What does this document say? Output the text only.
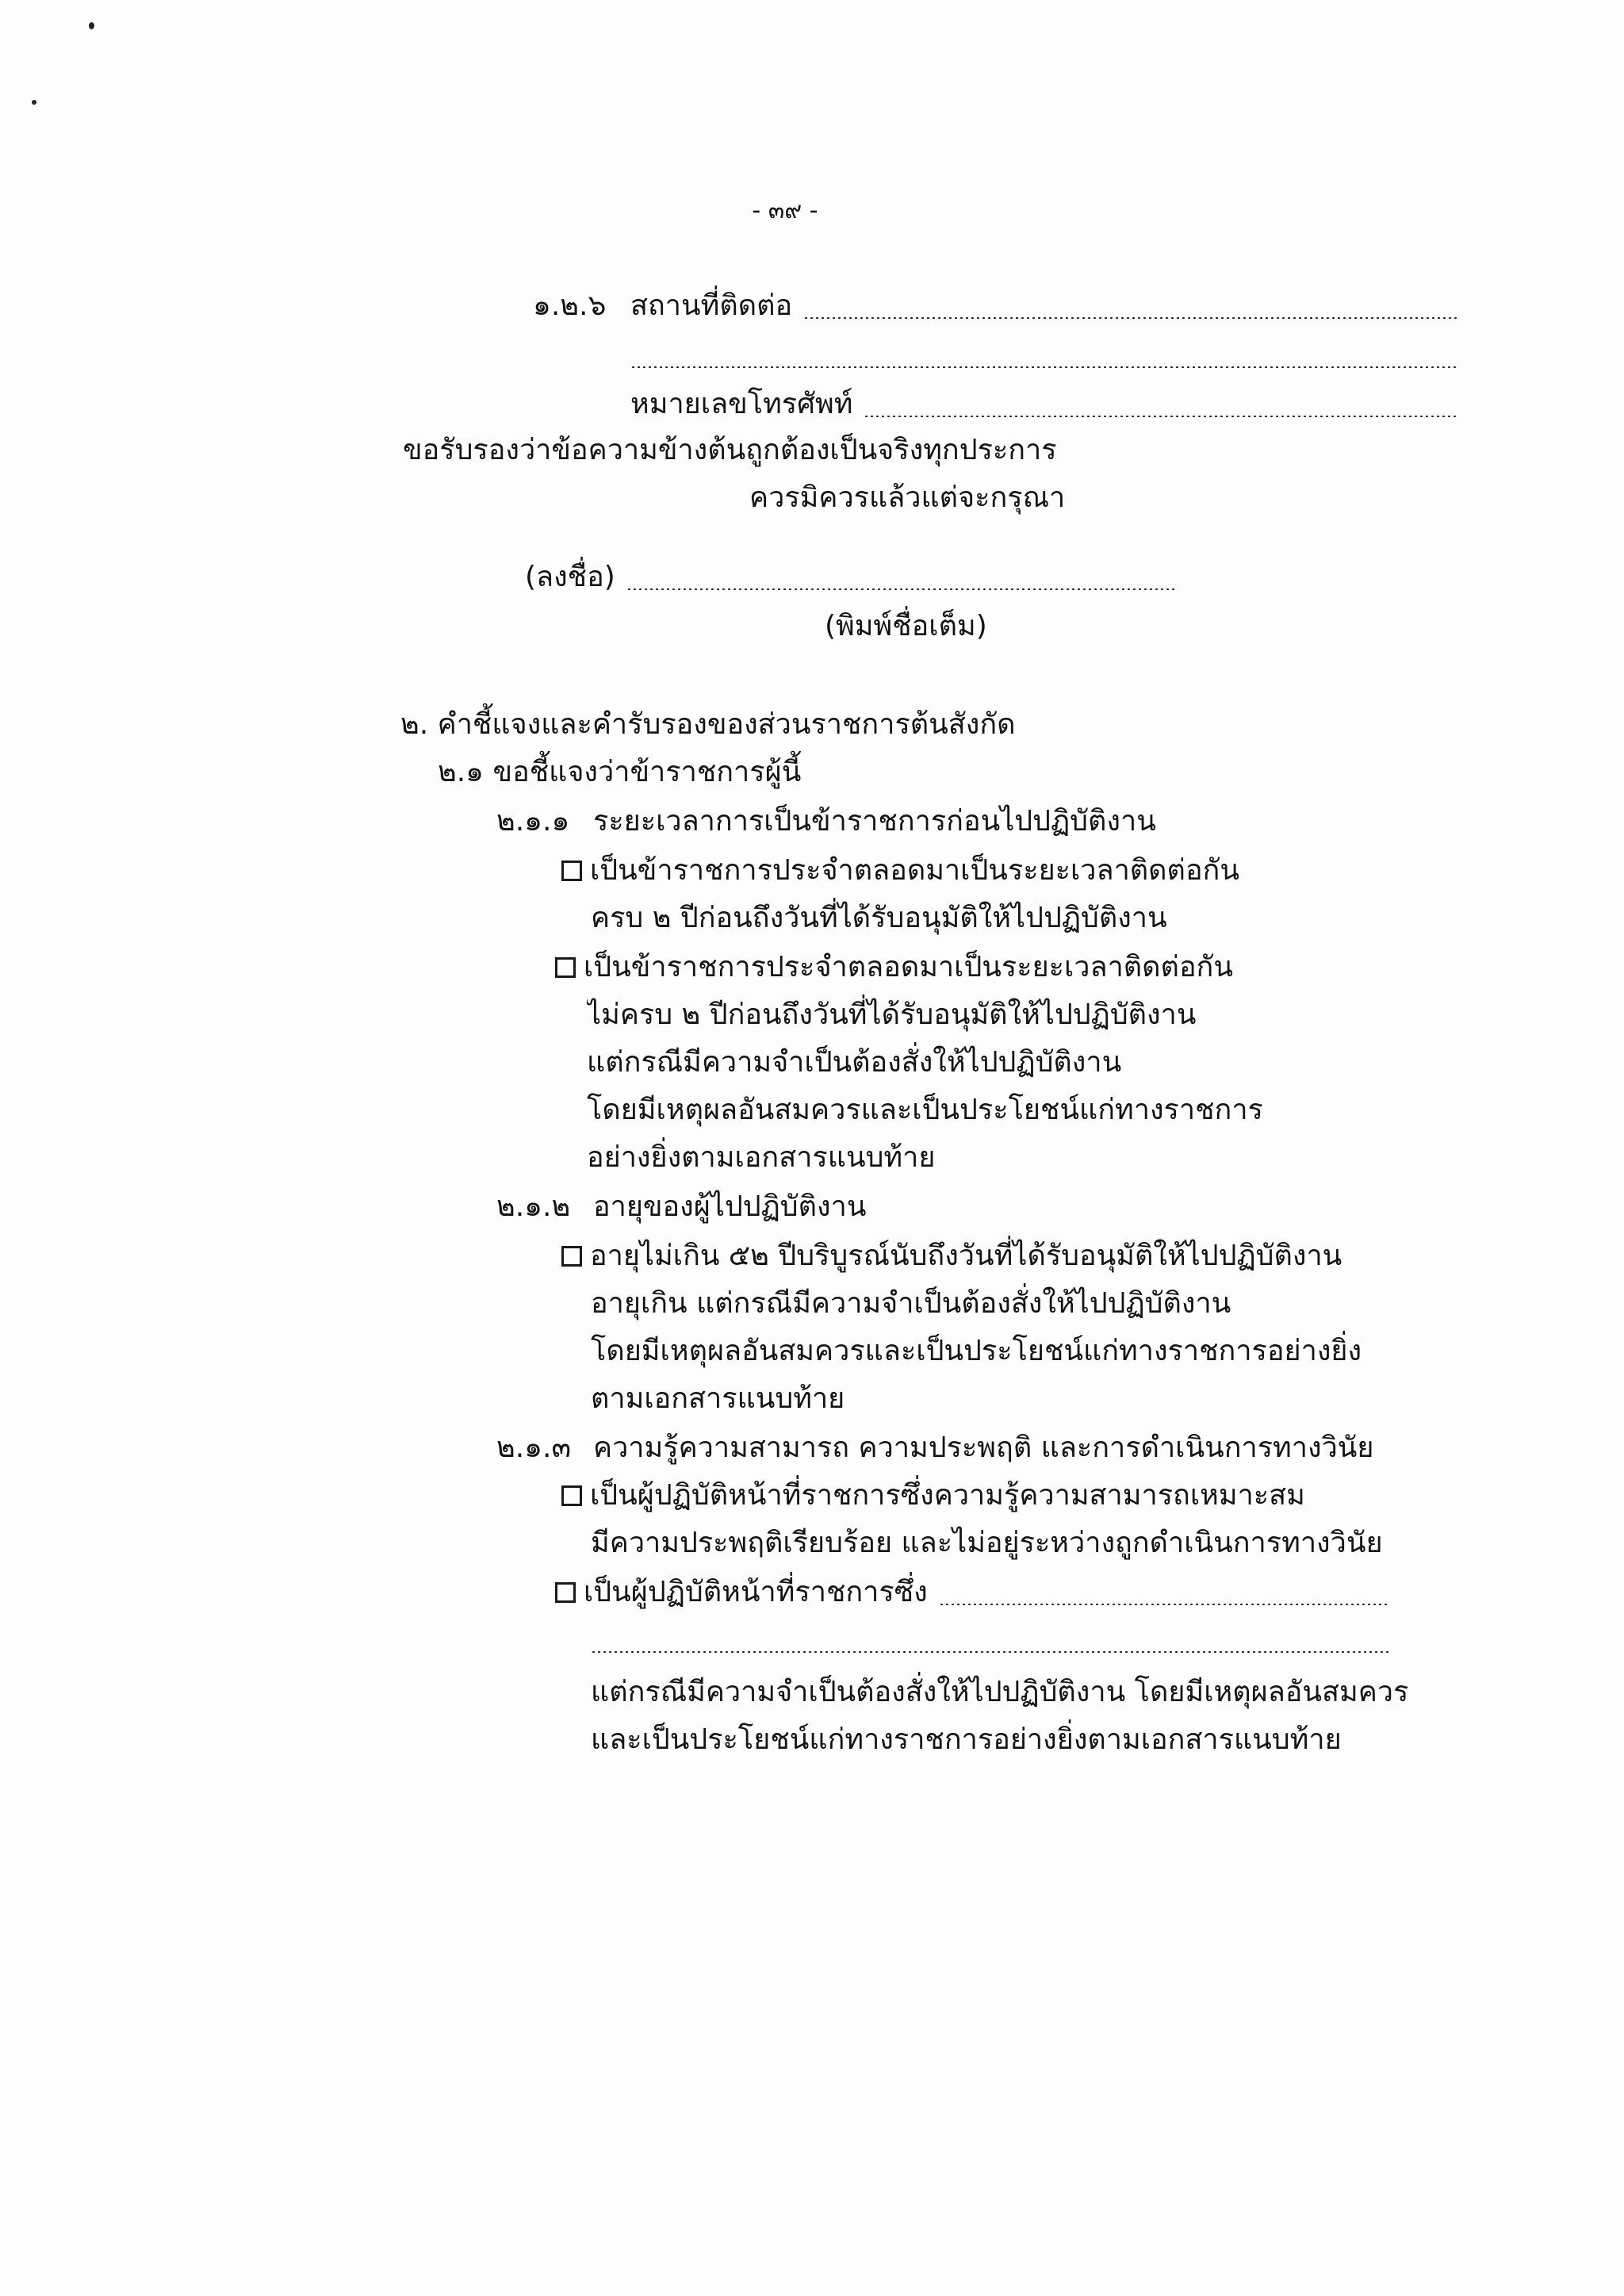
- ๓๙ -
๑.๒.๖ สถานที่ติดต่อ
หมายเลขโทรศัพท์
ขอรับรองว่าข้อความข้างต้นถูกต้องเป็นจริงทุกประการ
ควรมิควรแล้วแต่จะกรุณา
(ลงชื่อ)
(พิมพ์ชื่อเต็ม)
๒. คำชี้แจงและคำรับรองของส่วนราชการต้นสังกัด
๒.๑ ขอชี้แจงว่าข้าราชการผู้นี้
๒.๑.๑ ระยะเวลาการเป็นข้าราชการก่อนไปปฏิบัติงาน
เป็นข้าราชการประจำตลอดมาเป็นระยะเวลาติดต่อกัน
ครบ ๒ ปีก่อนถึงวันที่ได้รับอนุมัติให้ไปปฏิบัติงาน
เป็นข้าราชการประจำตลอดมาเป็นระยะเวลาติดต่อกัน
ไม่ครบ ๒ ปีก่อนถึงวันที่ได้รับอนุมัติให้ไปปฏิบัติงาน
แต่กรณีมีความจำเป็นต้องสั่งให้ไปปฏิบัติงาน
โดยมีเหตุผลอันสมควรและเป็นประโยชน์แก่ทางราชการ
อย่างยิ่งตามเอกสารแนบท้าย
๒.๑.๒ อายุของผู้ไปปฏิบัติงาน
อายุไม่เกิน ๕๒ ปีบริบูรณ์นับถึงวันที่ได้รับอนุมัติให้ไปปฏิบัติงาน
อายุเกิน แต่กรณีมีความจำเป็นต้องสั่งให้ไปปฏิบัติงาน
โดยมีเหตุผลอันสมควรและเป็นประโยชน์แก่ทางราชการอย่างยิ่ง
ตามเอกสารแนบท้าย
๒.๑.๓ ความรู้ความสามารถ ความประพฤติ และการดำเนินการทางวินัย
เป็นผู้ปฏิบัติหน้าที่ราชการซึ่งความรู้ความสามารถเหมาะสม
มีความประพฤติเรียบร้อย และไม่อยู่ระหว่างถูกดำเนินการทางวินัย
เป็นผู้ปฏิบัติหน้าที่ราชการซึ่ง
แต่กรณีมีความจำเป็นต้องสั่งให้ไปปฏิบัติงาน โดยมีเหตุผลอันสมควร
และเป็นประโยชน์แก่ทางราชการอย่างยิ่งตามเอกสารแนบท้าย
